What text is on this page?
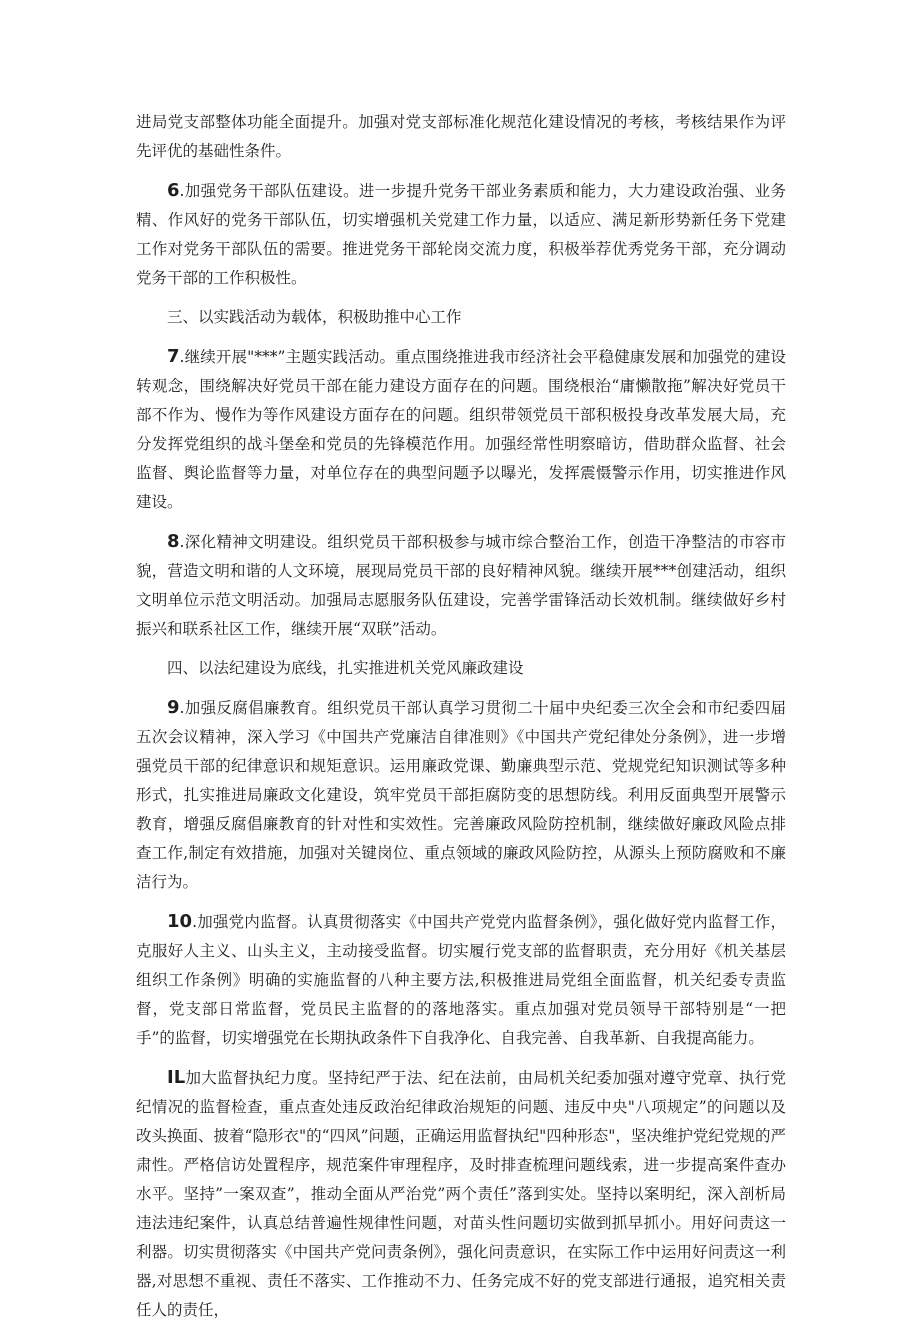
进局党支部整体功能全面提升。加强对党支部标准化规范化建设情况的考核，考核结果作为评先评优的基础性条件。

6.加强党务干部队伍建设。进一步提升党务干部业务素质和能力，大力建设政治强、业务精、作风好的党务干部队伍，切实增强机关党建工作力量，以适应、满足新形势新任务下党建工作对党务干部队伍的需要。推进党务干部轮岗交流力度，积极举荐优秀党务干部，充分调动党务干部的工作积极性。

三、以实践活动为载体，积极助推中心工作

7.继续开展"***”主题实践活动。重点围绕推进我市经济社会平稳健康发展和加强党的建设转观念，围绕解决好党员干部在能力建设方面存在的问题。围绕根治“庸懒散拖”解决好党员干部不作为、慢作为等作风建设方面存在的问题。组织带领党员干部积极投身改革发展大局，充分发挥党组织的战斗堡垒和党员的先锋模范作用。加强经常性明察暗访，借助群众监督、社会监督、舆论监督等力量，对单位存在的典型问题予以曝光，发挥震慑警示作用，切实推进作风建设。

8.深化精神文明建设。组织党员干部积极参与城市综合整治工作，创造干净整洁的市容市貌，营造文明和谐的人文环境，展现局党员干部的良好精神风貌。继续开展***创建活动，组织文明单位示范文明活动。加强局志愿服务队伍建设，完善学雷锋活动长效机制。继续做好乡村振兴和联系社区工作，继续开展“双联”活动。

四、以法纪建设为底线，扎实推进机关党风廉政建设

9.加强反腐倡廉教育。组织党员干部认真学习贯彻二十届中央纪委三次全会和市纪委四届五次会议精神，深入学习《中国共产党廉洁自律准则》《中国共产党纪律处分条例》，进一步增强党员干部的纪律意识和规矩意识。运用廉政党课、勤廉典型示范、党规党纪知识测试等多种形式，扎实推进局廉政文化建设，筑牢党员干部拒腐防变的思想防线。利用反面典型开展警示教育，增强反腐倡廉教育的针对性和实效性。完善廉政风险防控机制，继续做好廉政风险点排查工作,制定有效措施，加强对关键岗位、重点领域的廉政风险防控，从源头上预防腐败和不廉洁行为。

10.加强党内监督。认真贯彻落实《中国共产党党内监督条例》，强化做好党内监督工作，克服好人主义、山头主义，主动接受监督。切实履行党支部的监督职责，充分用好《机关基层组织工作条例》明确的实施监督的八种主要方法,积极推进局党组全面监督，机关纪委专责监督，党支部日常监督，党员民主监督的的落地落实。重点加强对党员领导干部特别是“一把手”的监督，切实增强党在长期执政条件下自我净化、自我完善、自我革新、自我提高能力。

IL加大监督执纪力度。坚持纪严于法、纪在法前，由局机关纪委加强对遵守党章、执行党纪情况的监督检查，重点查处违反政治纪律政治规矩的问题、违反中央"八项规定”的问题以及改头换面、披着“隐形衣"的“四风”问题，正确运用监督执纪"四种形态"，坚决维护党纪党规的严肃性。严格信访处置程序，规范案件审理程序，及时排查梳理问题线索，进一步提高案件查办水平。坚持”一案双查”，推动全面从严治党”两个责任”落到实处。坚持以案明纪，深入剖析局违法违纪案件，认真总结普遍性规律性问题，对苗头性问题切实做到抓早抓小。用好问责这一利器。切实贯彻落实《中国共产党问责条例》，强化问责意识，在实际工作中运用好问责这一利器,对思想不重视、责任不落实、工作推动不力、任务完成不好的党支部进行通报，追究相关责任人的责任，
